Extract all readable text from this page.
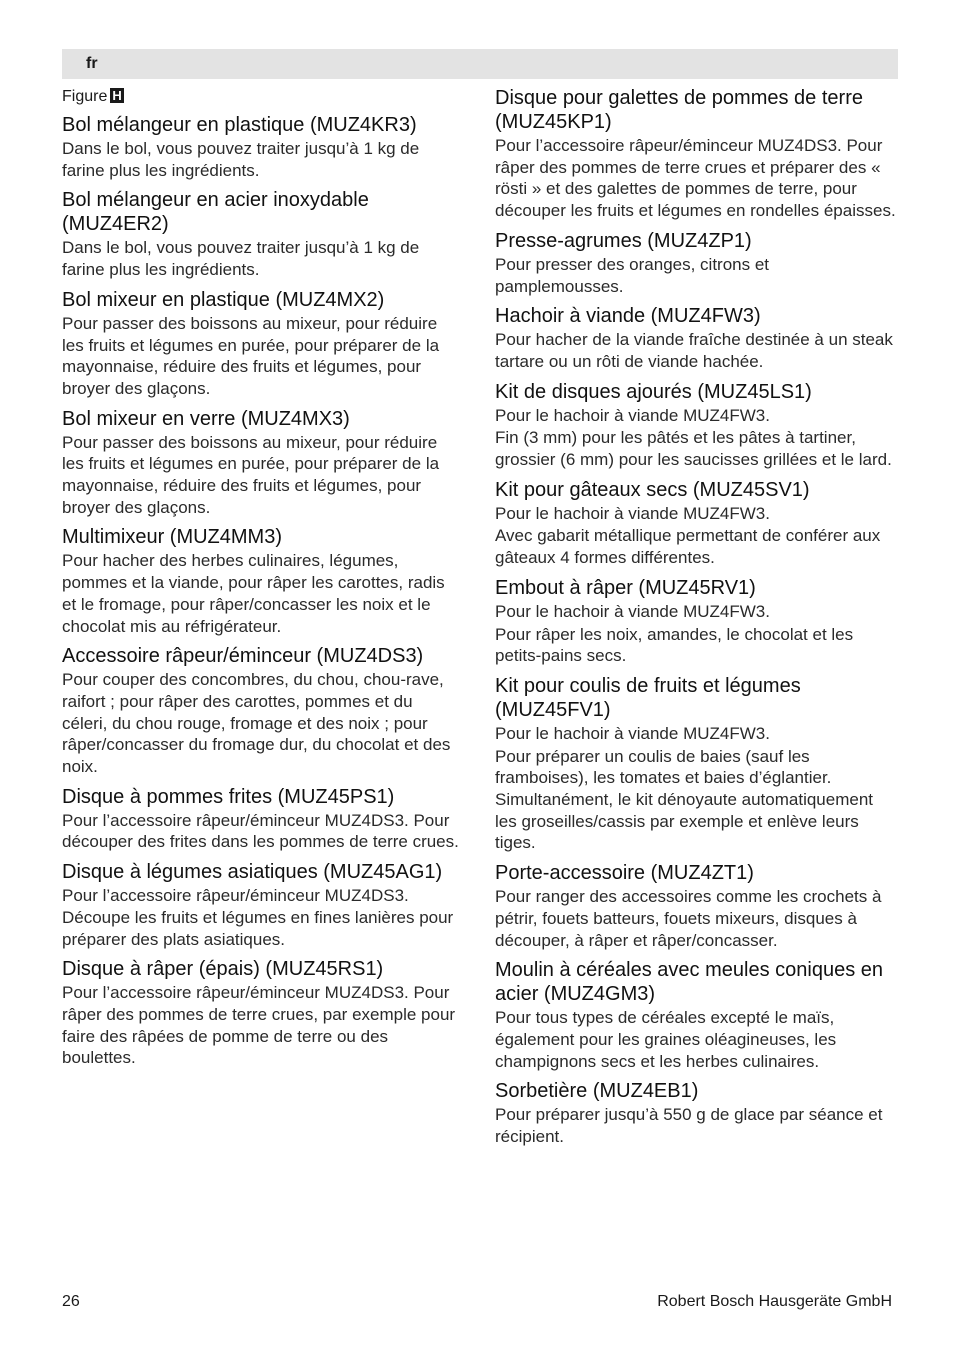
fr
Figure H
Bol mélangeur en plastique (MUZ4KR3)

Dans le bol, vous pouvez traiter jusqu’à 1 kg de farine plus les ingrédients.

Bol mélangeur en acier inoxydable (MUZ4ER2)

Dans le bol, vous pouvez traiter jusqu’à 1 kg de farine plus les ingrédients.

Bol mixeur en plastique (MUZ4MX2)

Pour passer des boissons au mixeur, pour réduire les fruits et légumes en purée, pour préparer de la mayonnaise, réduire des fruits et légumes, pour broyer des glaçons.

Bol mixeur en verre (MUZ4MX3)

Pour passer des boissons au mixeur, pour réduire les fruits et légumes en purée, pour préparer de la mayonnaise, réduire des fruits et légumes, pour broyer des glaçons.

Multimixeur (MUZ4MM3)

Pour hacher des herbes culinaires, légumes, pommes et la viande, pour râper les carottes, radis et le fromage, pour râper/concasser les noix et le chocolat mis au réfrigérateur.

Accessoire râpeur/éminceur (MUZ4DS3)

Pour couper des concombres, du chou, chou-rave, raifort ; pour râper des carottes, pommes et du céleri, du chou rouge, fromage et des noix ; pour râper/concasser du fromage dur, du chocolat et des noix.

Disque à pommes frites (MUZ45PS1)

Pour l’accessoire râpeur/éminceur MUZ4DS3. Pour découper des frites dans les pommes de terre crues.

Disque à légumes asiatiques (MUZ45AG1)

Pour l’accessoire râpeur/éminceur MUZ4DS3. Découpe les fruits et légumes en fines lanières pour préparer des plats asiatiques.

Disque à râper (épais) (MUZ45RS1)

Pour l’accessoire râpeur/éminceur MUZ4DS3. Pour râper des pommes de terre crues, par exemple pour faire des râpées de pomme de terre ou des boulettes.

Disque pour galettes de pommes de terre (MUZ45KP1)

Pour l’accessoire râpeur/éminceur MUZ4DS3. Pour râper des pommes de terre crues et préparer des « rösti » et des galettes de pommes de terre, pour découper les fruits et légumes en rondelles épaisses.

Presse-agrumes (MUZ4ZP1)

Pour presser des oranges, citrons et pamplemousses.

Hachoir à viande (MUZ4FW3)

Pour hacher de la viande fraîche destinée à un steak tartare ou un rôti de viande hachée.

Kit de disques ajourés (MUZ45LS1)

Pour le hachoir à viande MUZ4FW3.

Fin (3 mm) pour les pâtés et les pâtes à tartiner, grossier (6 mm) pour les saucisses grillées et le lard.

Kit pour gâteaux secs (MUZ45SV1)

Pour le hachoir à viande MUZ4FW3.

Avec gabarit métallique permettant de conférer aux gâteaux 4 formes différentes.

Embout à râper (MUZ45RV1)

Pour le hachoir à viande MUZ4FW3.

Pour râper les noix, amandes, le chocolat et les petits-pains secs.

Kit pour coulis de fruits et légumes (MUZ45FV1)

Pour le hachoir à viande MUZ4FW3.

Pour préparer un coulis de baies (sauf les framboises), les tomates et baies d’églantier. Simultanément, le kit dénoyaute automatiquement les groseilles/cassis par exemple et enlève leurs tiges.

Porte-accessoire (MUZ4ZT1)

Pour ranger des accessoires comme les crochets à pétrir, fouets batteurs, fouets mixeurs, disques à découper, à râper et râper/concasser.

Moulin à céréales avec meules coniques en acier (MUZ4GM3)

Pour tous types de céréales excepté le maïs, également pour les graines oléagineuses, les champignons secs et les herbes culinaires.

Sorbetière (MUZ4EB1)

Pour préparer jusqu’à 550 g de glace par séance et récipient.

26	Robert Bosch Hausgeräte GmbH
